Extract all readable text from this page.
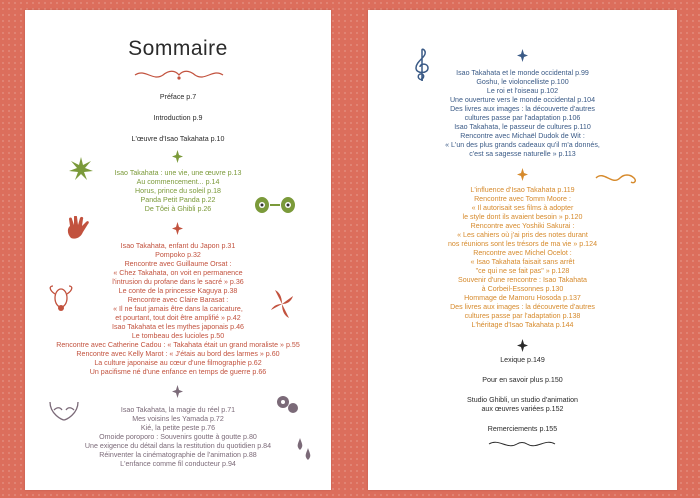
Sommaire
Préface p.7
Introduction p.9
L'œuvre d'Isao Takahata p.10
Isao Takahata : une vie, une œuvre p.13
Au commencement... p.14
Horus, prince du soleil p.18
Panda Petit Panda p.22
De Tôei à Ghibli p.26
Isao Takahata, enfant du Japon p.31
Pompoko p.32
Rencontre avec Guillaume Orsat :
« Chez Takahata, on voit en permanence
l'intrusion du profane dans le sacré » p.36
Le conte de la princesse Kaguya p.38
Rencontre avec Claire Barasat :
« Il ne faut jamais être dans la caricature,
et pourtant, tout doit être amplifié » p.42
Isao Takahata et les mythes japonais p.46
Le tombeau des lucioles p.50
Rencontre avec Catherine Cadou : « Takahata était un grand moraliste » p.55
Rencontre avec Kelly Marot : « J'étais au bord des larmes » p.60
La culture japonaise au cœur d'une filmographie p.62
Un pacifisme né d'une enfance en temps de guerre p.66
Isao Takahata, la magie du réel p.71
Mes voisins les Yamada p.72
Kié, la petite peste p.76
Omoide poroporo : Souvenirs goutte à goutte p.80
Une exigence du détail dans la restitution du quotidien p.84
Réinventer la cinématographie de l'animation p.88
L'enfance comme fil conducteur p.94
Isao Takahata et le monde occidental p.99
Goshu, le violoncelliste p.100
Le roi et l'oiseau p.102
Une ouverture vers le monde occidental p.104
Des livres aux images : la découverte d'autres
cultures passe par l'adaptation p.106
Isao Takahata, le passeur de cultures p.110
Rencontre avec Michaël Dudok de Wit :
« L'un des plus grands cadeaux qu'il m'a donnés,
c'est sa sagesse naturelle » p.113
L'influence d'Isao Takahata p.119
Rencontre avec Tomm Moore :
« Il autorisait ses films à adopter
le style dont ils avaient besoin » p.120
Rencontre avec Yoshiki Sakurai :
« Les cahiers où j'ai pris des notes durant
nos réunions sont les trésors de ma vie » p.124
Rencontre avec Michel Ocelot :
« Isao Takahata faisait sans arrêt
"ce qui ne se fait pas" » p.128
Souvenir d'une rencontre : Isao Takahata
à Corbeil-Essonnes p.130
Hommage de Mamoru Hosoda p.137
Des livres aux images : la découverte d'autres
cultures passe par l'adaptation p.138
L'héritage d'Isao Takahata p.144
Lexique p.149
Pour en savoir plus p.150
Studio Ghibli, un studio d'animation
aux œuvres variées p.152
Remerciements p.155
